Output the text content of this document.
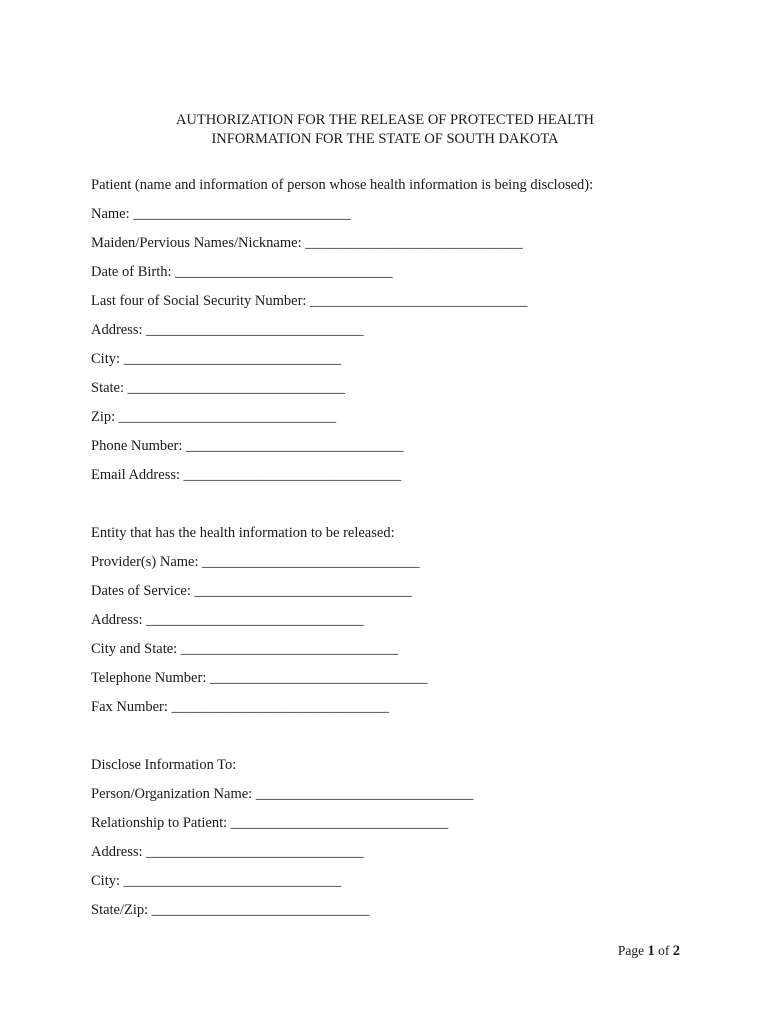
AUTHORIZATION FOR THE RELEASE OF PROTECTED HEALTH
INFORMATION FOR THE STATE OF SOUTH DAKOTA
Patient (name and information of person whose health information is being disclosed):
Name: ______________________________
Maiden/Pervious Names/Nickname: ______________________________
Date of Birth: ______________________________
Last four of Social Security Number: ______________________________
Address: ______________________________
City: ______________________________
State: ______________________________
Zip: ______________________________
Phone Number: ______________________________
Email Address: ______________________________
Entity that has the health information to be released:
Provider(s) Name: ______________________________
Dates of Service: ______________________________
Address: ______________________________
City and State: ______________________________
Telephone Number: ______________________________
Fax Number: ______________________________
Disclose Information To:
Person/Organization Name: ______________________________
Relationship to Patient: ______________________________
Address: ______________________________
City: ______________________________
State/Zip: ______________________________
Page 1 of 2
